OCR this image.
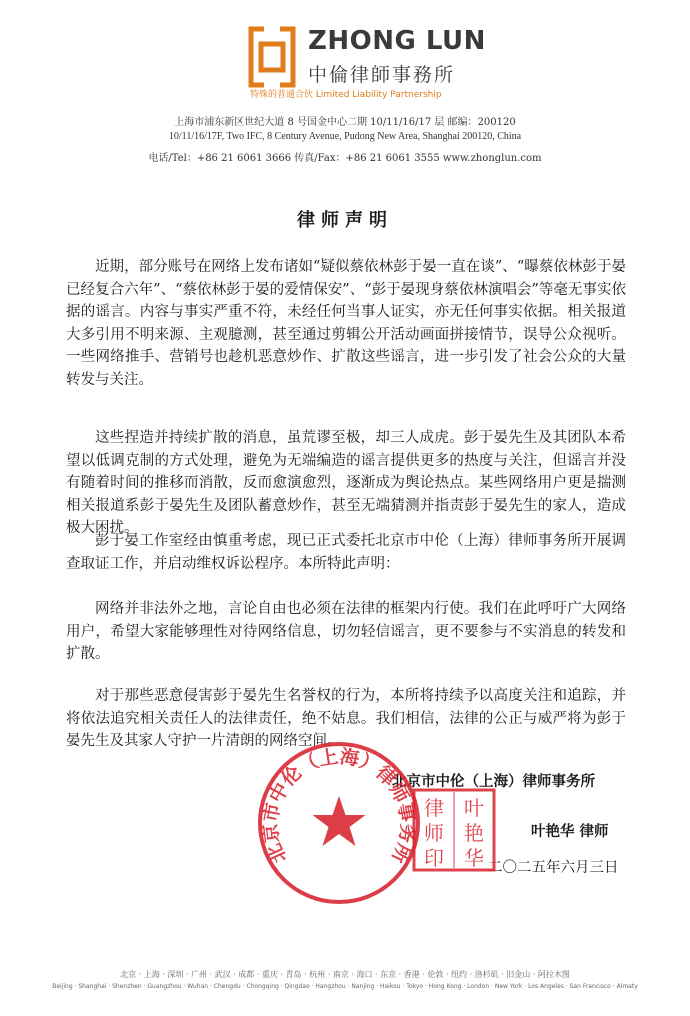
ZHONG LUN
中倫律師事務所
特殊的普通合伙 Limited Liability Partnership
上海市浦东新区世纪大道 8 号国金中心二期 10/11/16/17 层 邮编：200120
10/11/16/17F, Two IFC, 8 Century Avenue, Pudong New Area, Shanghai 200120, China
电话/Tel：+86 21 6061 3666 传真/Fax：+86 21 6061 3555 www.zhonglun.com
律师声明
近期，部分账号在网络上发布诸如“疑似蔡依林彭于晏一直在谈”、“曝蔡依林彭于晏已经复合六年”、“蔡依林彭于晏的爱情保安”、“彭于晏现身蔡依林演唱会”等毫无事实依据的谣言。内容与事实严重不符，未经任何当事人证实，亦无任何事实依据。相关报道大多引用不明来源、主观臆测，甚至通过剪辑公开活动画面拼接情节，误导公众视听。一些网络推手、营销号也趁机恶意炒作、扩散这些谣言，进一步引发了社会公众的大量转发与关注。
这些捏造并持续扩散的消息，虽荒谬至极，却三人成虎。彭于晏先生及其团队本希望以低调克制的方式处理，避免为无端编造的谣言提供更多的热度与关注，但谣言并没有随着时间的推移而消散，反而愈演愈烈，逐渐成为舆论热点。某些网络用户更是揣测相关报道系彭于晏先生及团队蓄意炒作，甚至无端猜测并指责彭于晏先生的家人，造成极大困扰。
彭于晏工作室经由慎重考虑，现已正式委托北京市中伦（上海）律师事务所开展调查取证工作，并启动维权诉讼程序。本所特此声明：
网络并非法外之地，言论自由也必须在法律的框架内行使。我们在此呼吁广大网络用户，希望大家能够理性对待网络信息，切勿轻信谣言，更不要参与不实消息的转发和扩散。
对于那些恶意侵害彭于晏先生名誉权的行为，本所将持续予以高度关注和追踪，并将依法追究相关责任人的法律责任，绝不姑息。我们相信，法律的公正与威严将为彭于晏先生及其家人守护一片清朗的网络空间。
北京市中伦（上海）律师事务所
叶艳华 律师
二〇二五年六月三日
北京市中伦（上海）律师事务所
律 叶
师 艳
印 华
北京 · 上海 · 深圳 · 广州 · 武汉 · 成都 · 重庆 · 青岛 · 杭州 · 南京 · 海口 · 东京 · 香港 · 伦敦 · 纽约 · 洛杉矶 · 旧金山 · 阿拉木图
Beijing · Shanghai · Shenzhen · Guangzhou · Wuhan · Chengdu · Chongqing · Qingdao · Hangzhou · Nanjing · Haikou · Tokyo · Hong Kong · London · New York · Los Angeles · San Francisco · Almaty
